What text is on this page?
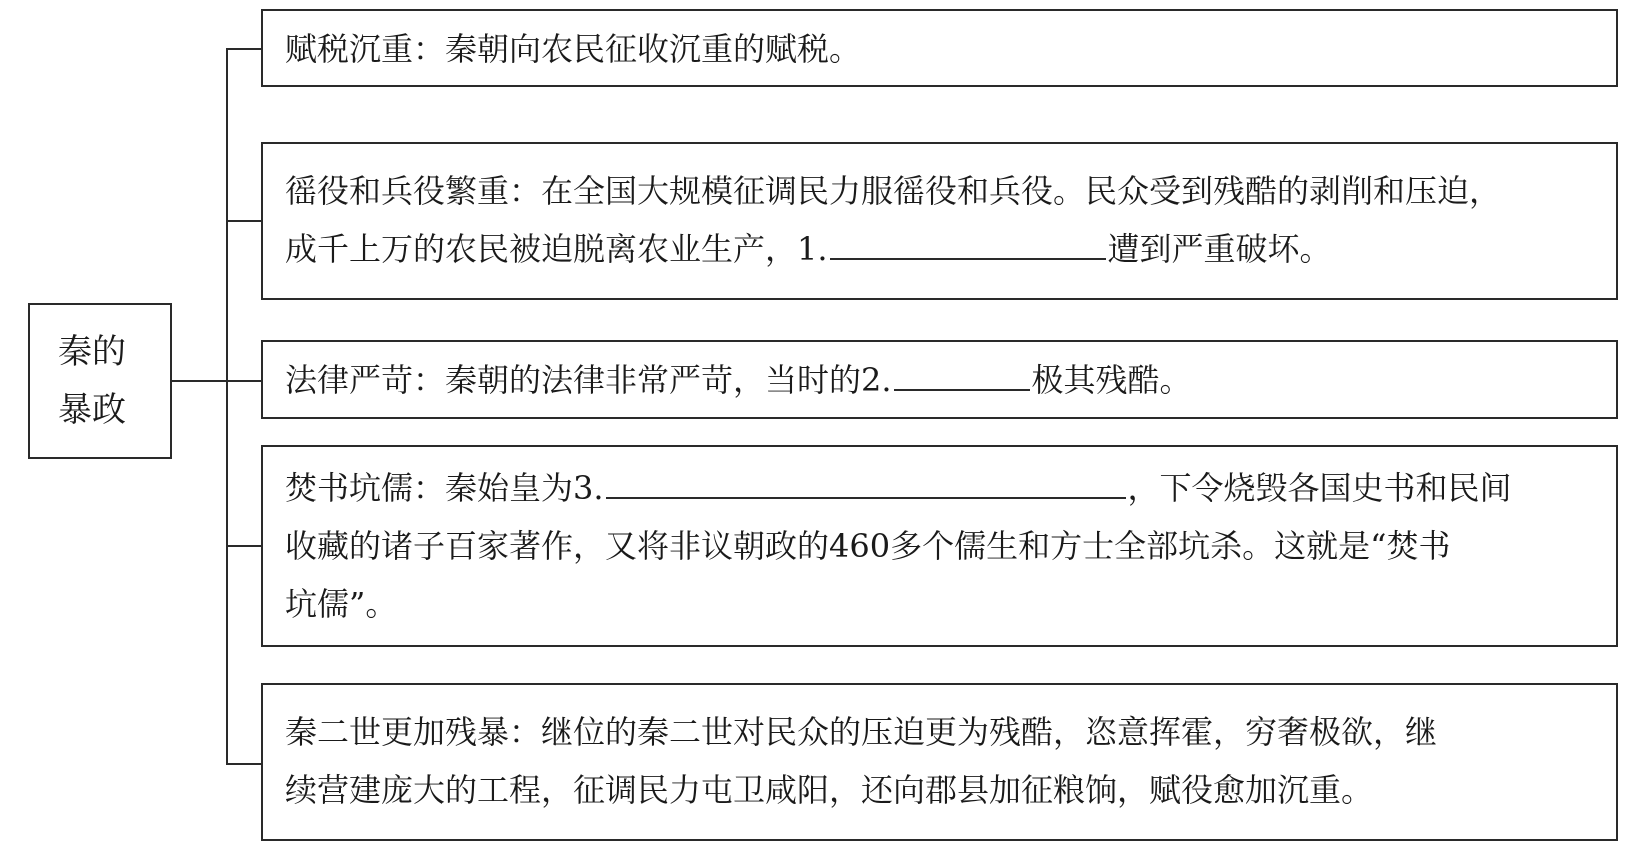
秦的
暴政
赋税沉重：秦朝向农民征收沉重的赋税。
徭役和兵役繁重：在全国大规模征调民力服徭役和兵役。民众受到残酷的剥削和压迫，
成千上万的农民被迫脱离农业生产，1.	遭到严重破坏。
法律严苛：秦朝的法律非常严苛，当时的2.	极其残酷。
焚书坑儒：秦始皇为3.	，下令烧毁各国史书和民间
收藏的诸子百家著作，又将非议朝政的460多个儒生和方士全部坑杀。这就是“焚书
坑儒”。
秦二世更加残暴：继位的秦二世对民众的压迫更为残酷，恣意挥霍，穷奢极欲，继
续营建庞大的工程，征调民力屯卫咸阳，还向郡县加征粮饷，赋役愈加沉重。
